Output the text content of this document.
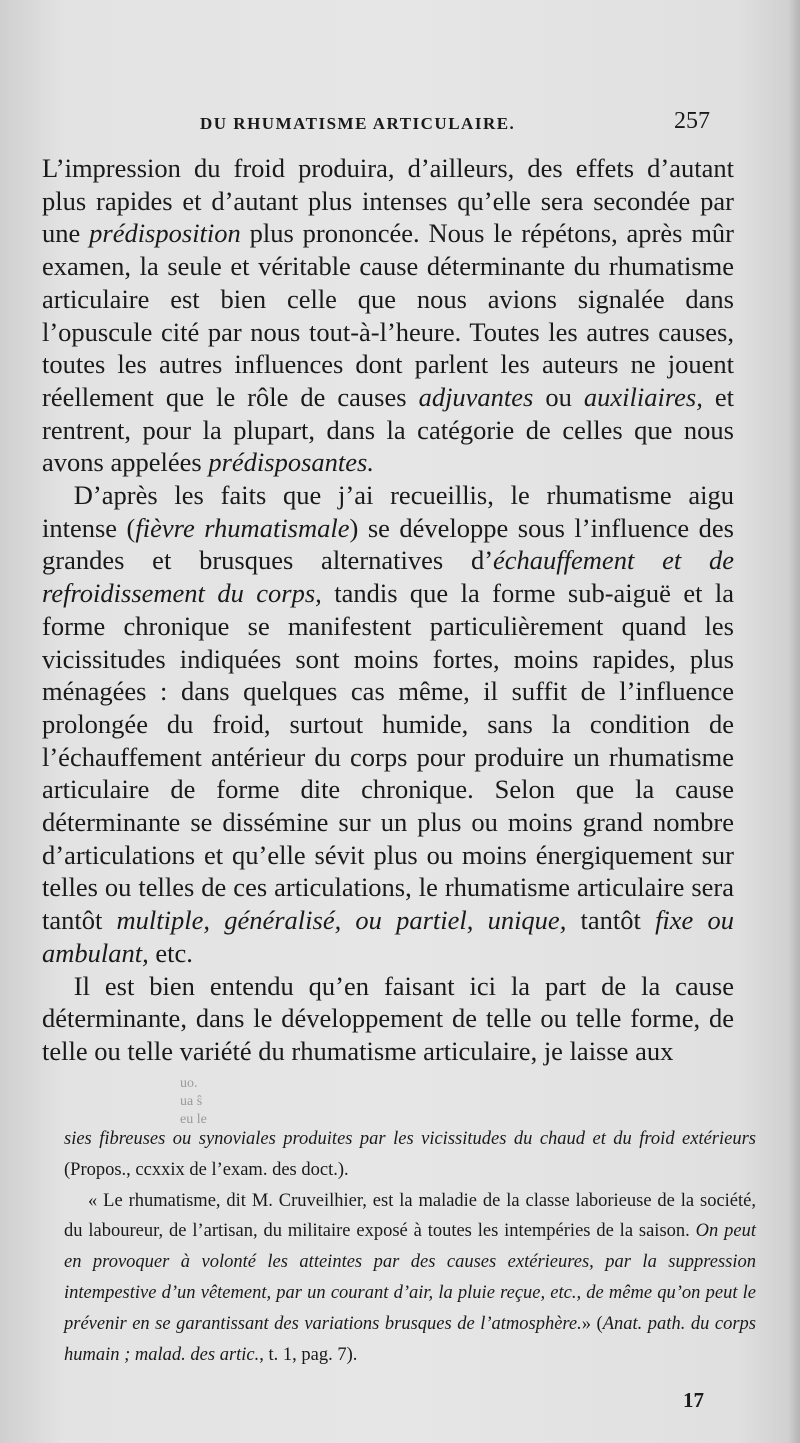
DU RHUMATISME ARTICULAIRE.	257

L’impression du froid produira, d’ailleurs, des effets d’autant plus rapides et d’autant plus intenses qu’elle sera secondée par une prédisposition plus prononcée. Nous le répétons, après mûr examen, la seule et véritable cause déterminante du rhumatisme articulaire est bien celle que nous avions signalée dans l’opuscule cité par nous tout-à-l’heure. Toutes les autres causes, toutes les autres influences dont parlent les auteurs ne jouent réellement que le rôle de causes adjuvantes ou auxiliaires, et rentrent, pour la plupart, dans la catégorie de celles que nous avons appelées prédisposantes.

D’après les faits que j’ai recueillis, le rhumatisme aigu intense (fièvre rhumatismale) se développe sous l’influence des grandes et brusques alternatives d’échauffement et de refroidissement du corps, tandis que la forme sub-aiguë et la forme chronique se manifestent particulièrement quand les vicissitudes indiquées sont moins fortes, moins rapides, plus ménagées : dans quelques cas même, il suffit de l’influence prolongée du froid, surtout humide, sans la condition de l’échauffement antérieur du corps pour produire un rhumatisme articulaire de forme dite chronique. Selon que la cause déterminante se dissémine sur un plus ou moins grand nombre d’articulations et qu’elle sévit plus ou moins énergiquement sur telles ou telles de ces articulations, le rhumatisme articulaire sera tantôt multiple, généralisé, ou partiel, unique, tantôt fixe ou ambulant, etc.

Il est bien entendu qu’en faisant ici la part de la cause déterminante, dans le développement de telle ou telle forme, de telle ou telle variété du rhumatisme articulaire, je laisse aux

uo.
ua ŝ
eu le

sies fibreuses ou synoviales produites par les vicissitudes du chaud et du froid extérieurs (Propos., ccxxix de l’exam. des doct.).

« Le rhumatisme, dit M. Cruveilhier, est la maladie de la classe laborieuse de la société, du laboureur, de l’artisan, du militaire exposé à toutes les intempéries de la saison. On peut en provoquer à volonté les atteintes par des causes extérieures, par la suppression intempestive d’un vêtement, par un courant d’air, la pluie reçue, etc., de même qu’on peut le prévenir en se garantissant des variations brusques de l’atmosphère.» (Anat. path. du corps humain ; malad. des artic., t. 1, pag. 7).

17
